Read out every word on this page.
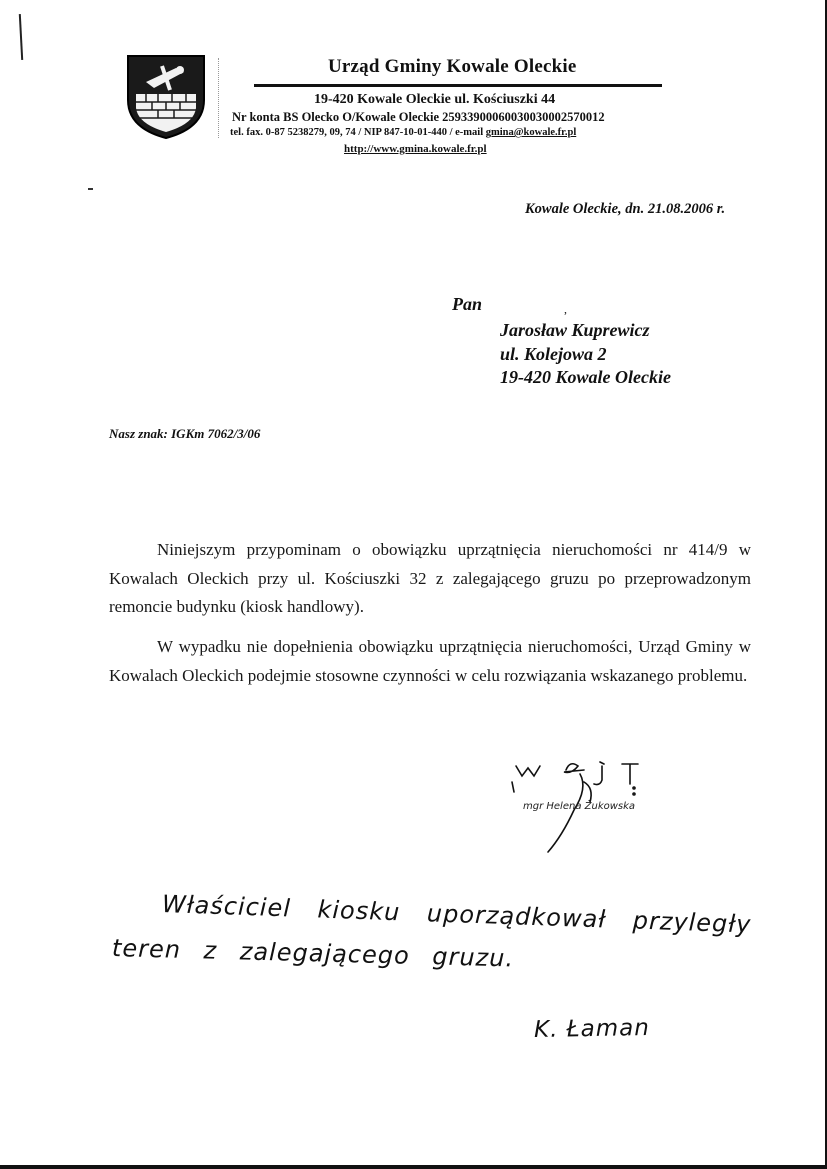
Urząd Gminy Kowale Oleckie
19-420 Kowale Oleckie ul. Kościuszki 44
Nr konta BS Olecko O/Kowale Oleckie 25933900060030030002570012
tel. fax. 0-87 5238279, 09, 74 / NIP 847-10-01-440 / e-mail gmina@kowale.fr.pl
http://www.gmina.kowale.fr.pl
Kowale Oleckie, dn. 21.08.2006 r.
Pan	,
Jarosław Kuprewicz
ul. Kolejowa 2
19-420 Kowale Oleckie
Nasz znak: IGKm 7062/3/06

Niniejszym przypominam o obowiązku uprzątnięcia nieruchomości nr 414/9 w Kowalach Oleckich przy ul. Kościuszki 32 z zalegającego gruzu po przeprowadzonym remoncie budynku (kiosk handlowy).

W wypadku nie dopełnienia obowiązku uprzątnięcia nieruchomości, Urząd Gminy w Kowalach Oleckich podejmie stosowne czynności w celu rozwiązania wskazanego problemu.

mgr Helena Żukowska
Właściciel kiosku uporządkował przyległy
teren z zalegającego gruzu.
K. Łaman
